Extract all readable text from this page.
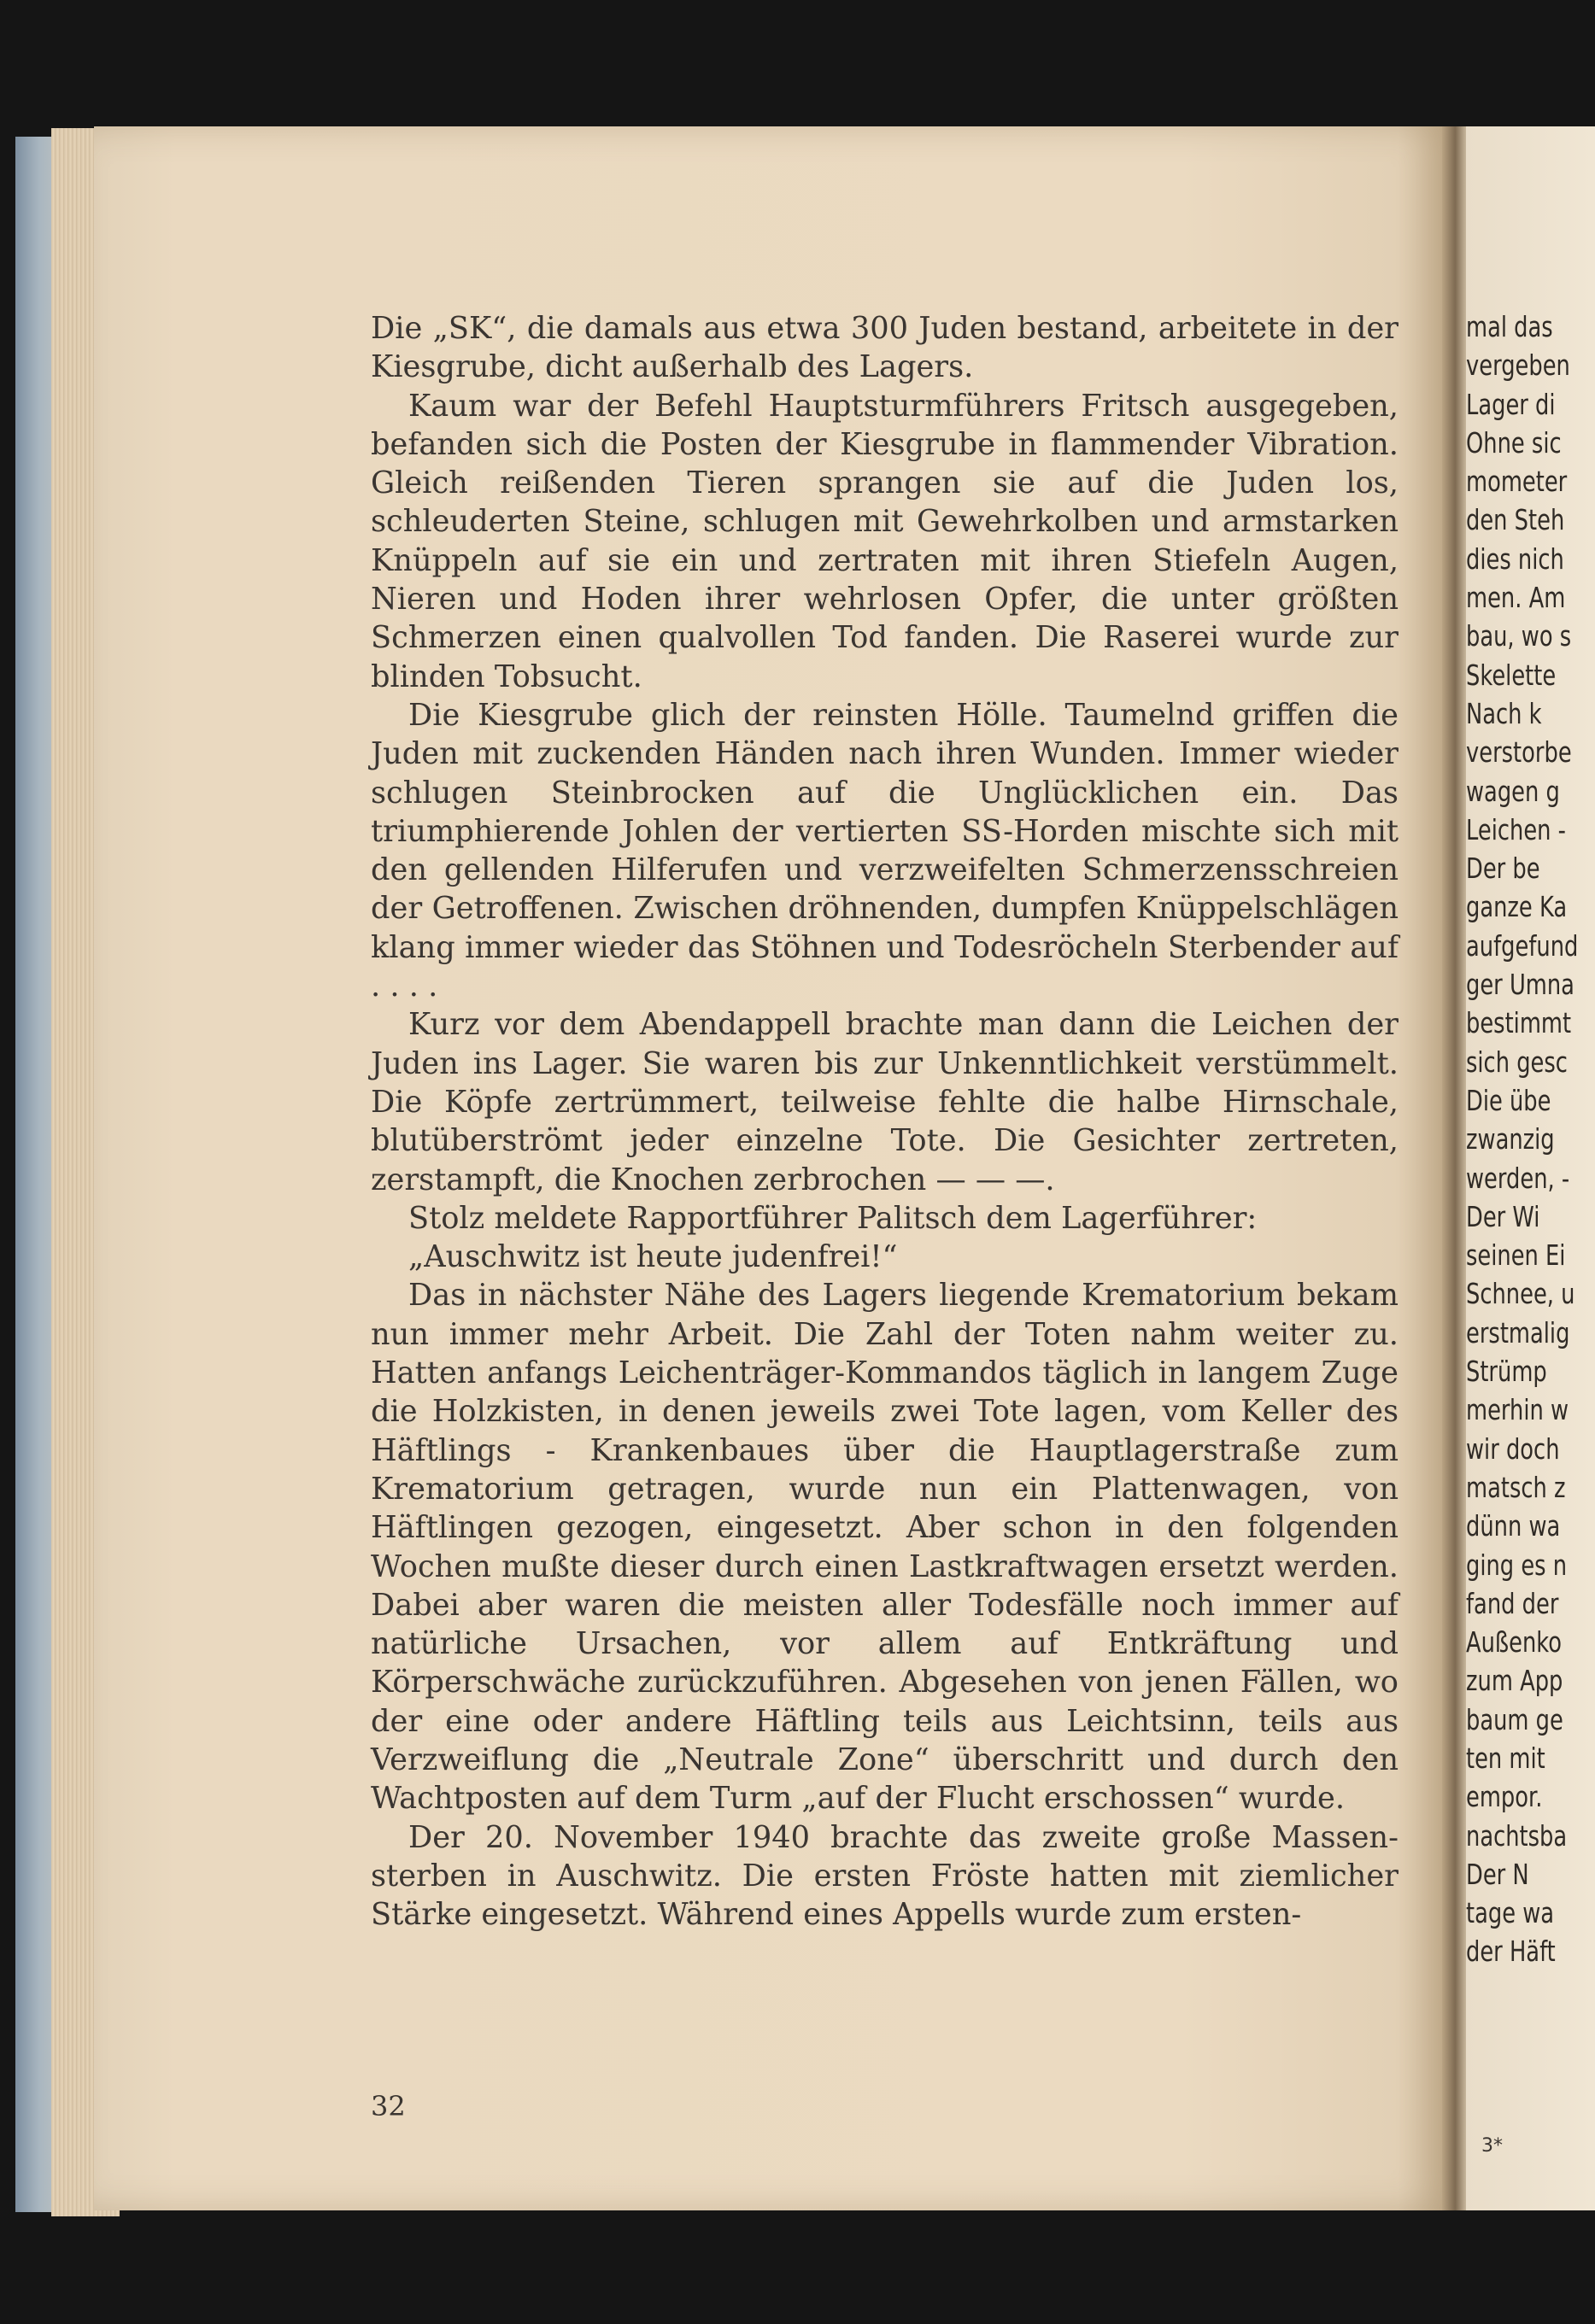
Die „SK“, die damals aus etwa 300 Juden bestand, arbeitete in der Kiesgrube, dicht außerhalb des Lagers.

Kaum war der Befehl Hauptsturmführers Fritsch ausgegeben, befanden sich die Posten der Kiesgrube in flammender Vibration. Gleich reißenden Tieren sprangen sie auf die Juden los, schleuderten Steine, schlugen mit Gewehrkolben und armstarken Knüppeln auf sie ein und zertraten mit ihren Stiefeln Augen, Nieren und Hoden ihrer wehrlosen Opfer, die unter größten Schmerzen einen qualvollen Tod fanden. Die Raserei wurde zur blinden Tobsucht.

Die Kiesgrube glich der reinsten Hölle. Taumelnd griffen die Juden mit zuckenden Händen nach ihren Wunden. Immer wieder schlugen Steinbrocken auf die Unglücklichen ein. Das triumphierende Johlen der vertierten SS-Horden mischte sich mit den gellenden Hilferufen und verzweifelten Schmerzensschreien der Getroffenen. Zwischen dröhnenden, dumpfen Knüppelschlägen klang immer wieder das Stöhnen und Todesröcheln Sterbender auf . . . .

Kurz vor dem Abendappell brachte man dann die Leichen der Juden ins Lager. Sie waren bis zur Unkenntlichkeit verstümmelt. Die Köpfe zertrümmert, teilweise fehlte die halbe Hirnschale, blutüberströmt jeder einzelne Tote. Die Gesichter zertreten, zerstampft, die Knochen zerbrochen — — —.

Stolz meldete Rapportführer Palitsch dem Lagerführer:

„Auschwitz ist heute judenfrei!“

Das in nächster Nähe des Lagers liegende Krematorium bekam nun immer mehr Arbeit. Die Zahl der Toten nahm weiter zu. Hatten anfangs Leichenträger-Kommandos täglich in langem Zuge die Holzkisten, in denen jeweils zwei Tote lagen, vom Keller des Häftlings - Krankenbaues über die Hauptlagerstraße zum Krematorium getragen, wurde nun ein Plattenwagen, von Häftlingen gezogen, eingesetzt. Aber schon in den folgenden Wochen mußte dieser durch einen Lastkraftwagen ersetzt werden. Dabei aber waren die meisten aller Todesfälle noch immer auf natürliche Ursachen, vor allem auf Entkräftung und Körperschwäche zurückzuführen. Abgesehen von jenen Fällen, wo der eine oder andere Häftling teils aus Leichtsinn, teils aus Verzweiflung die „Neutrale Zone“ überschritt und durch den Wachtposten auf dem Turm „auf der Flucht erschossen“ wurde.

Der 20. November 1940 brachte das zweite große Massensterben in Auschwitz. Die ersten Fröste hatten mit ziemlicher Stärke eingesetzt. Während eines Appells wurde zum ersten-

32
mal das
vergeben
Lager di
Ohne sic
mometer
den Steh
dies nich
men. Am
bau, wo s
Skelette
Nach k
verstorbe
wagen g
Leichen -
Der be
ganze Ka
aufgefund
ger Umna
bestimmt
sich gesc
Die übe
zwanzig
werden, -
Der Wi
seinen Ei
Schnee, u
erstmalig
Strümp
merhin w
wir doch
matsch z
dünn wa
ging es n
fand der
Außenko
zum App
baum ge
ten mit
empor.
nachtsba
Der N
tage wa
der Häft
3*
